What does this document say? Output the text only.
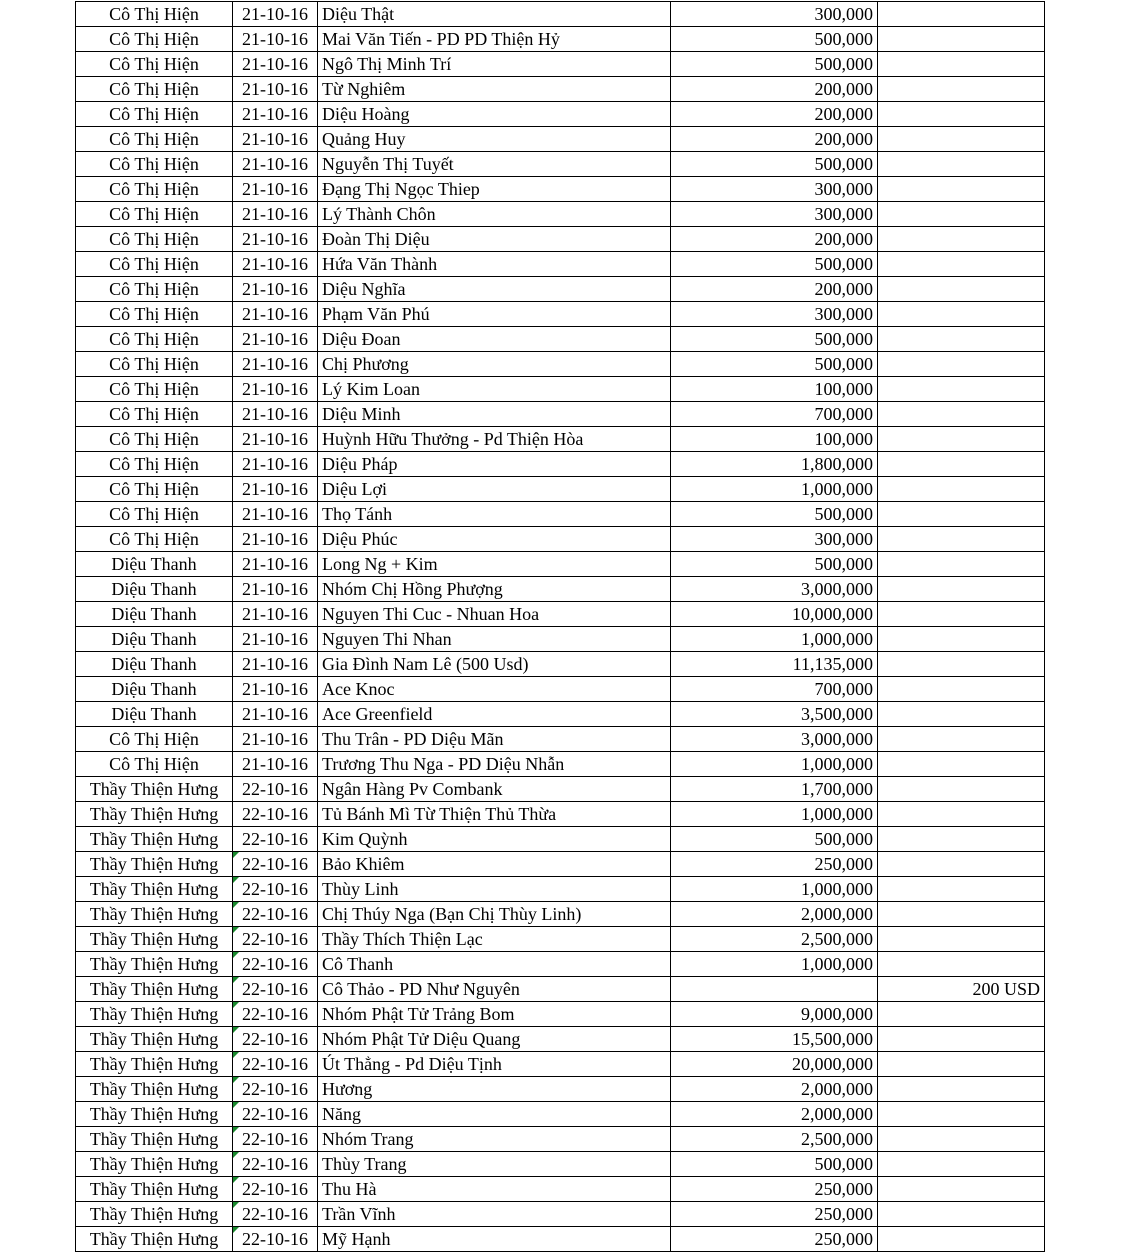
Cô Thị Hiện	21-10-16	Diệu Thật	300,000	
Cô Thị Hiện	21-10-16	Mai Văn Tiến - PD PD Thiện Hỷ	500,000	
Cô Thị Hiện	21-10-16	Ngô Thị Minh Trí	500,000	
Cô Thị Hiện	21-10-16	Từ Nghiêm	200,000	
Cô Thị Hiện	21-10-16	Diệu Hoàng	200,000	
Cô Thị Hiện	21-10-16	Quảng Huy	200,000	
Cô Thị Hiện	21-10-16	Nguyễn Thị Tuyết	500,000	
Cô Thị Hiện	21-10-16	Đạng Thị Ngọc Thiep	300,000	
Cô Thị Hiện	21-10-16	Lý Thành Chôn	300,000	
Cô Thị Hiện	21-10-16	Đoàn Thị Diệu	200,000	
Cô Thị Hiện	21-10-16	Hứa Văn Thành	500,000	
Cô Thị Hiện	21-10-16	Diệu Nghĩa	200,000	
Cô Thị Hiện	21-10-16	Phạm Văn Phú	300,000	
Cô Thị Hiện	21-10-16	Diệu Đoan	500,000	
Cô Thị Hiện	21-10-16	Chị Phương	500,000	
Cô Thị Hiện	21-10-16	Lý Kim Loan	100,000	
Cô Thị Hiện	21-10-16	Diệu Minh	700,000	
Cô Thị Hiện	21-10-16	Huỳnh Hữu Thưởng - Pd Thiện Hòa	100,000	
Cô Thị Hiện	21-10-16	Diệu Pháp	1,800,000	
Cô Thị Hiện	21-10-16	Diệu Lợi	1,000,000	
Cô Thị Hiện	21-10-16	Thọ Tánh	500,000	
Cô Thị Hiện	21-10-16	Diệu Phúc	300,000	
Diệu Thanh	21-10-16	Long Ng + Kim	500,000	
Diệu Thanh	21-10-16	Nhóm Chị Hồng Phượng	3,000,000	
Diệu Thanh	21-10-16	Nguyen Thi Cuc - Nhuan Hoa	10,000,000	
Diệu Thanh	21-10-16	Nguyen Thi Nhan	1,000,000	
Diệu Thanh	21-10-16	Gia Đình Nam Lê (500 Usd)	11,135,000	
Diệu Thanh	21-10-16	Ace Knoc	700,000	
Diệu Thanh	21-10-16	Ace Greenfield	3,500,000	
Cô Thị Hiện	21-10-16	Thu Trân - PD Diệu Mãn	3,000,000	
Cô Thị Hiện	21-10-16	Trương Thu Nga - PD Diệu Nhẫn	1,000,000	
Thầy Thiện Hưng	22-10-16	Ngân Hàng Pv Combank	1,700,000	
Thầy Thiện Hưng	22-10-16	Tủ Bánh Mì Từ Thiện Thủ Thừa	1,000,000	
Thầy Thiện Hưng	22-10-16	Kim Quỳnh	500,000	
Thầy Thiện Hưng	22-10-16	Bảo Khiêm	250,000	
Thầy Thiện Hưng	22-10-16	Thùy Linh	1,000,000	
Thầy Thiện Hưng	22-10-16	Chị Thúy Nga (Bạn Chị Thùy Linh)	2,000,000	
Thầy Thiện Hưng	22-10-16	Thầy Thích Thiện Lạc	2,500,000	
Thầy Thiện Hưng	22-10-16	Cô Thanh	1,000,000	
Thầy Thiện Hưng	22-10-16	Cô Thảo - PD Như Nguyên		200 USD
Thầy Thiện Hưng	22-10-16	Nhóm Phật Tử Trảng Bom	9,000,000	
Thầy Thiện Hưng	22-10-16	Nhóm Phật Tử Diệu Quang	15,500,000	
Thầy Thiện Hưng	22-10-16	Út Thẳng - Pd Diệu Tịnh	20,000,000	
Thầy Thiện Hưng	22-10-16	Hương	2,000,000	
Thầy Thiện Hưng	22-10-16	Năng	2,000,000	
Thầy Thiện Hưng	22-10-16	Nhóm Trang	2,500,000	
Thầy Thiện Hưng	22-10-16	Thùy Trang	500,000	
Thầy Thiện Hưng	22-10-16	Thu Hà	250,000	
Thầy Thiện Hưng	22-10-16	Trần Vĩnh	250,000	
Thầy Thiện Hưng	22-10-16	Mỹ Hạnh	250,000	
